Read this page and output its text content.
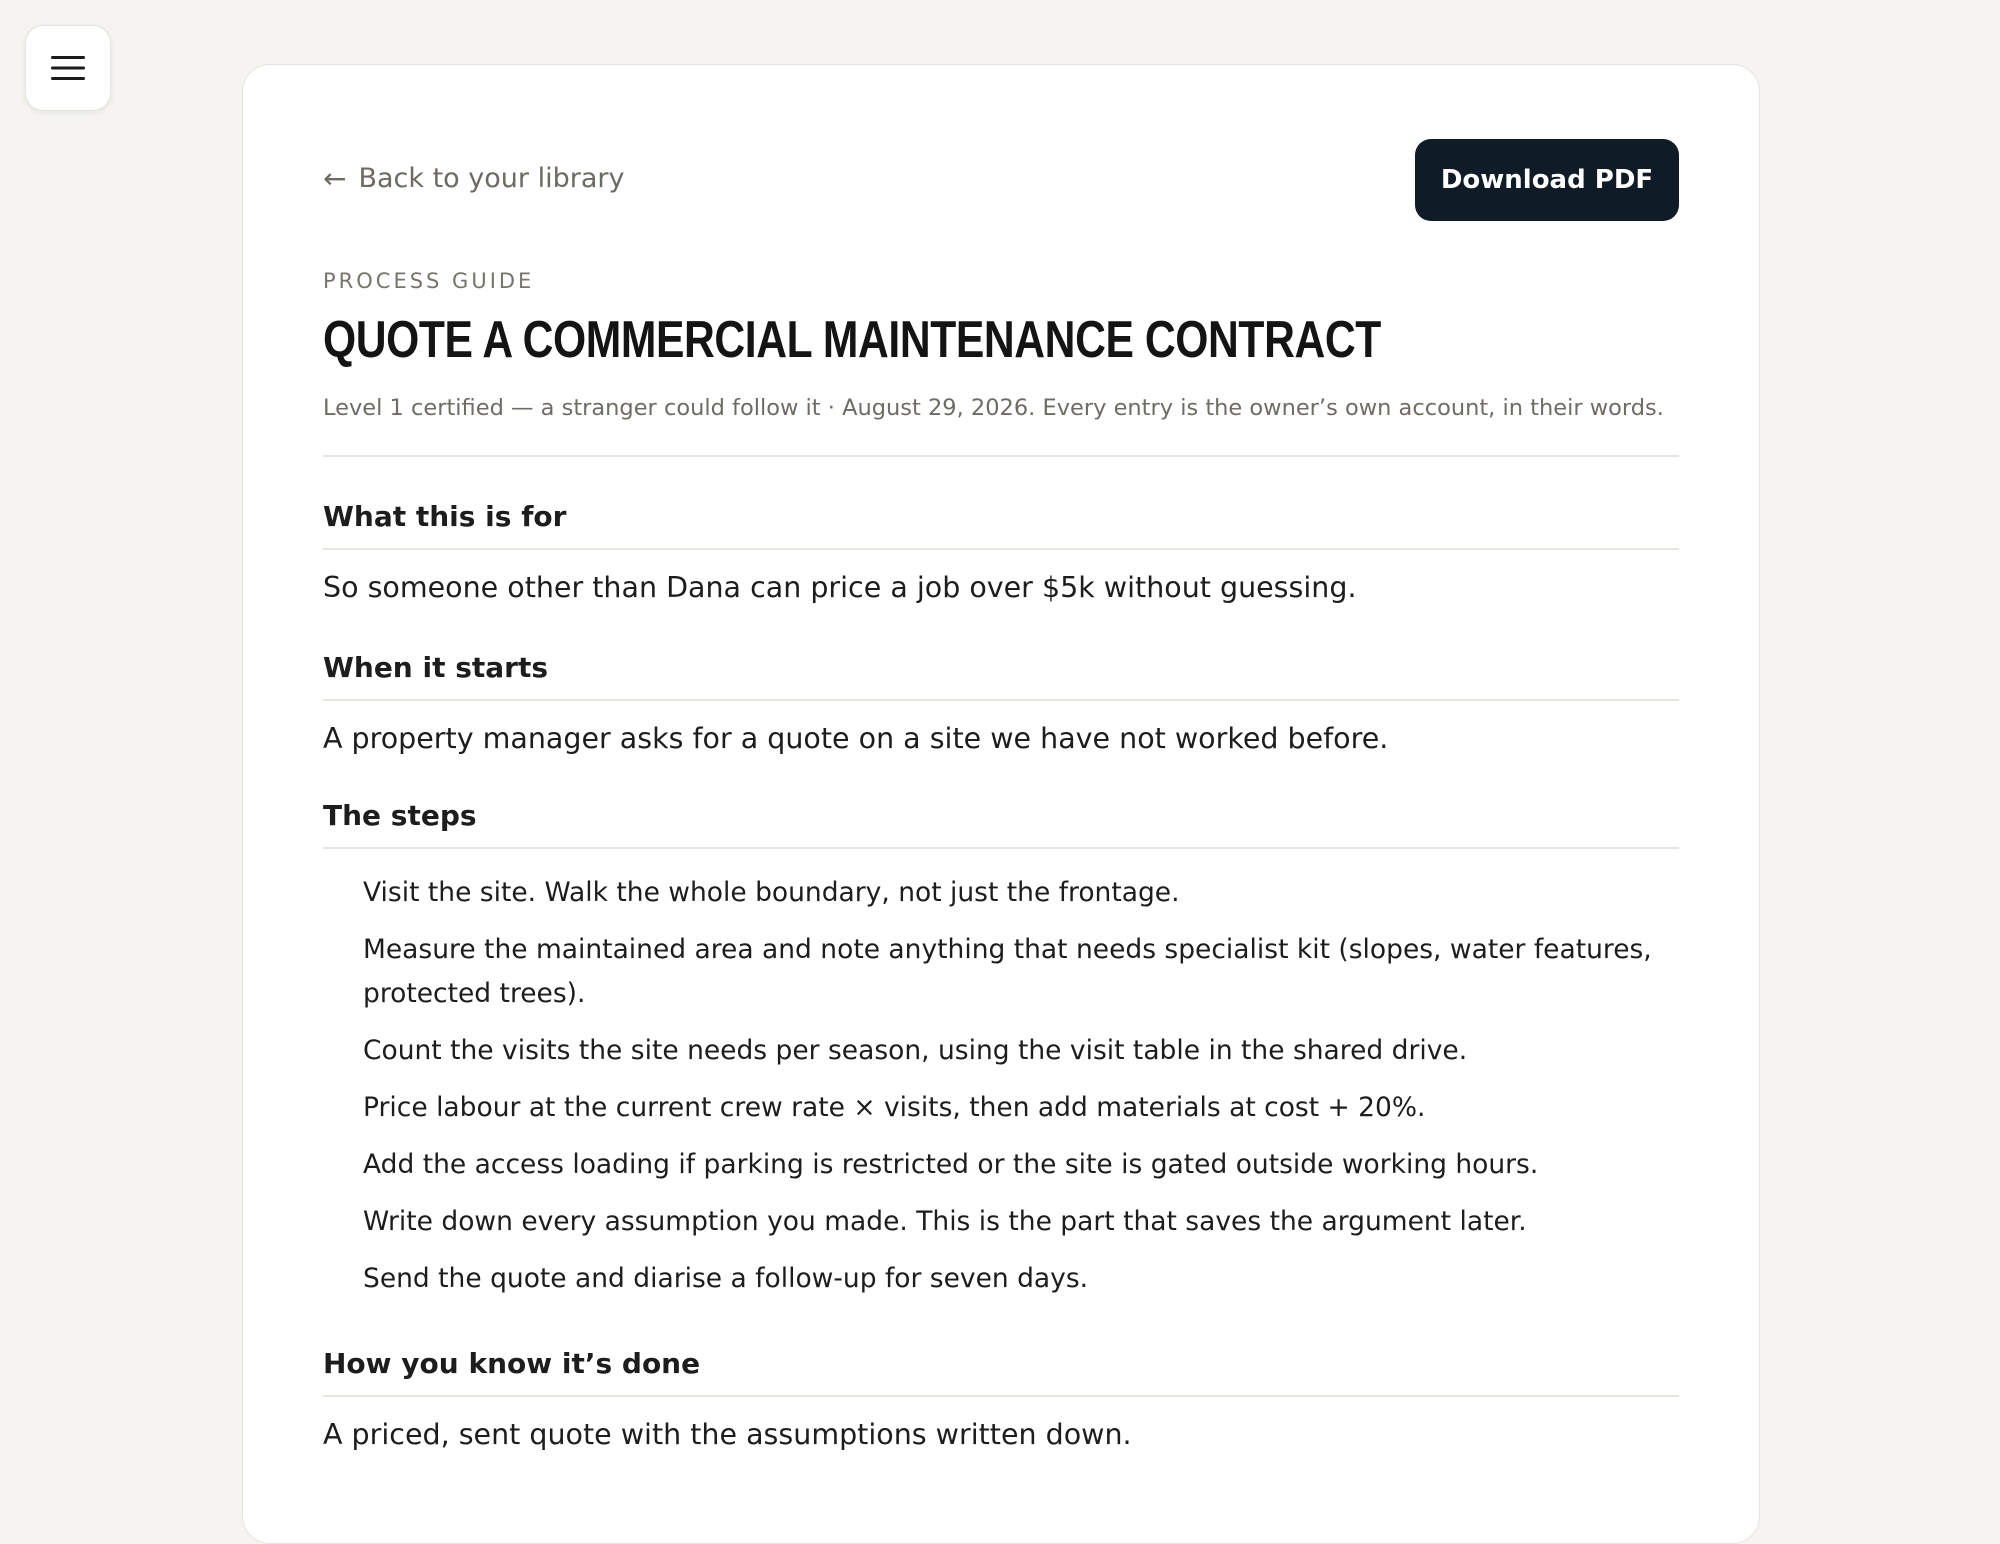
← Back to your library	Download PDF
PROCESS GUIDE
QUOTE A COMMERCIAL MAINTENANCE CONTRACT
Level 1 certified — a stranger could follow it · August 29, 2026. Every entry is the owner’s own account, in their words.
What this is for
So someone other than Dana can price a job over $5k without guessing.
When it starts
A property manager asks for a quote on a site we have not worked before.
The steps
Visit the site. Walk the whole boundary, not just the frontage.
Measure the maintained area and note anything that needs specialist kit (slopes, water features, protected trees).
Count the visits the site needs per season, using the visit table in the shared drive.
Price labour at the current crew rate × visits, then add materials at cost + 20%.
Add the access loading if parking is restricted or the site is gated outside working hours.
Write down every assumption you made. This is the part that saves the argument later.
Send the quote and diarise a follow-up for seven days.
How you know it’s done
A priced, sent quote with the assumptions written down.
